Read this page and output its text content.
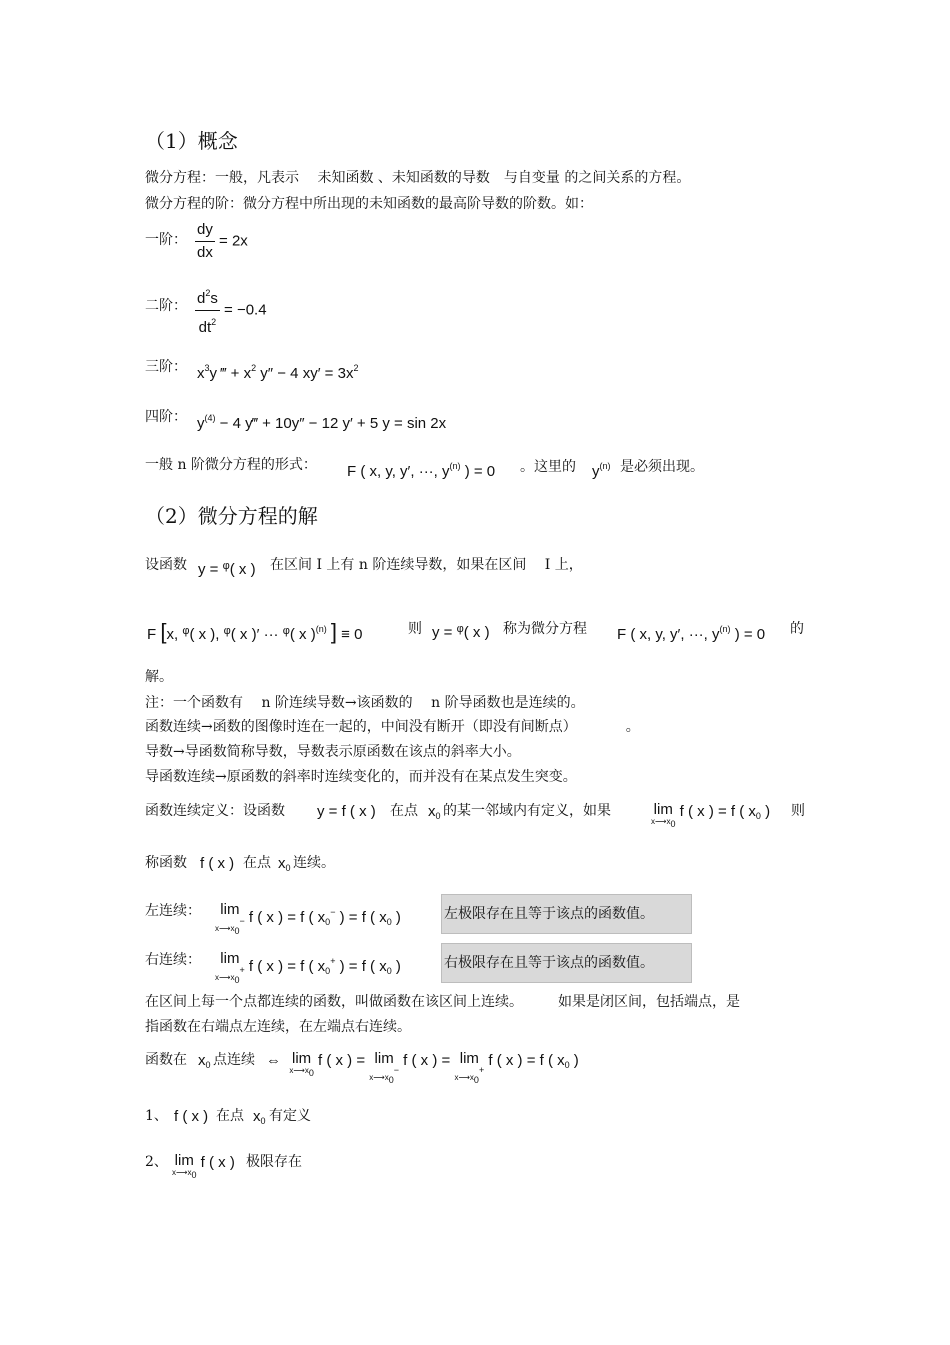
（1）概念
微分方程：一般，凡表示　 未知函数 、未知函数的导数　与自变量 的之间关系的方程。
微分方程的阶：微分方程中所出现的未知函数的最高阶导数的阶数。如：
一阶： $\frac{dy}{dx} = 2x$
二阶： $\frac{d^2s}{dt^2} = -0.4$
三阶： $x^3y$ ‴ + $x^2$ y″ − 4 $xy' = 3x^2$
四阶： $y^{(4)} - 4$ y‴ + 10y″ − 12 y′ + 5 y = sin 2x
一般 n 阶微分方程的形式： F ( x, y, y′, ···, $y^{(n)}$ ) = 0 。这里的 $y^{(n)}$ 是必须出现。
（2）微分方程的解
设函数 y = $^\varphi$( x ) 在区间 I 上有 n 阶连续导数，如果在区间　 I 上，
F [x, $^\varphi$( x ), $^\varphi$( x )′ ··· $^\varphi$( x )$^{(n)}$ ] ≡ 0	则 y = $^\varphi$( x ) 称为微分方程 F ( x, y, y′, ···, $y^{(n)}$ ) = 0 的
解。
注：一个函数有　 n 阶连续导数→该函数的　 n 阶导函数也是连续的。
函数连续→函数的图像时连在一起的，中间没有断开（即没有间断点）　　　　。
导数→导函数简称导数，导数表示原函数在该点的斜率大小。
导函数连续→原函数的斜率时连续变化的，而并没有在某点发生突变。
函数连续定义：设函数 y = f ( x ) 在点 $x_0$ 的某一邻域内有定义，如果	lim
$x⟶x_0$
f ( x ) = f ( $x_0$ ) 则
称函数 f ( x ) 在点 $x_0$ 连续。
左连续：	lim
$x⟶x_0^-$ f ( x ) = f ( $x_0^-$ ) = f ( $x_0$ )	左极限存在且等于该点的函数值。
右连续：	lim
$x⟶x_0^+$ f ( x ) = f ( $x_0^+$ ) = f ( $x_0$ )	右极限存在且等于该点的函数值。
在区间上每一个点都连续的函数，叫做函数在该区间上连续。　　　如果是闭区间，包括端点，是
指函数在右端点左连续，在左端点右连续。
函数在 $x_0$ 点连续 ⇔  lim
$x⟶x_0$
f ( x ) = lim
$x⟶x_0^-$
f ( x ) = lim
$x⟶x_0^+$
f ( x ) = f ( $x_0$ )
1、 f ( x ) 在点 $x_0$ 有定义
2、 lim
$x⟶x_0$
f ( x ) 极限存在
